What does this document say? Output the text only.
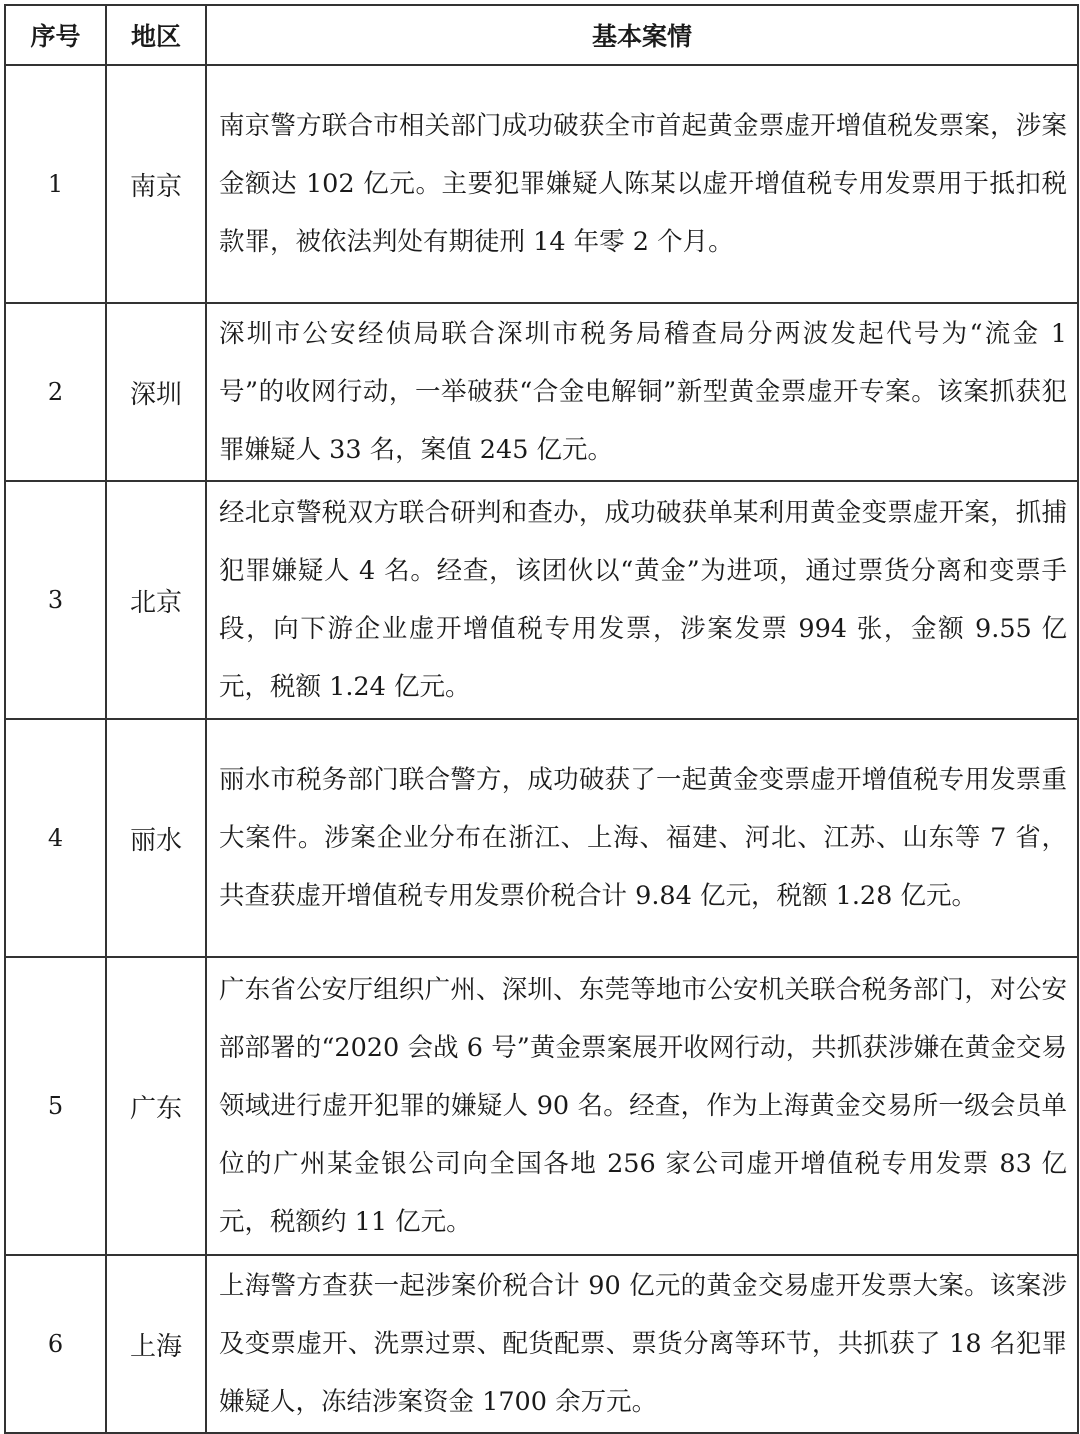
序号	地区	基本案情
1	南京	南京警方联合市相关部门成功破获全市首起黄金票虚开增值税发票案，涉案金额达 102 亿元。主要犯罪嫌疑人陈某以虚开增值税专用发票用于抵扣税款罪，被依法判处有期徒刑 14 年零 2 个月。
2	深圳	深圳市公安经侦局联合深圳市税务局稽查局分两波发起代号为“流金 1 号”的收网行动，一举破获“合金电解铜”新型黄金票虚开专案。该案抓获犯罪嫌疑人 33 名，案值 245 亿元。
3	北京	经北京警税双方联合研判和查办，成功破获单某利用黄金变票虚开案，抓捕犯罪嫌疑人 4 名。经查，该团伙以“黄金”为进项，通过票货分离和变票手段，向下游企业虚开增值税专用发票，涉案发票 994 张，金额 9.55 亿元，税额 1.24 亿元。
4	丽水	丽水市税务部门联合警方，成功破获了一起黄金变票虚开增值税专用发票重大案件。涉案企业分布在浙江、上海、福建、河北、江苏、山东等 7 省，共查获虚开增值税专用发票价税合计 9.84 亿元，税额 1.28 亿元。
5	广东	广东省公安厅组织广州、深圳、东莞等地市公安机关联合税务部门，对公安部部署的“2020 会战 6 号”黄金票案展开收网行动，共抓获涉嫌在黄金交易领域进行虚开犯罪的嫌疑人 90 名。经查，作为上海黄金交易所一级会员单位的广州某金银公司向全国各地 256 家公司虚开增值税专用发票 83 亿元，税额约 11 亿元。
6	上海	上海警方查获一起涉案价税合计 90 亿元的黄金交易虚开发票大案。该案涉及变票虚开、洗票过票、配货配票、票货分离等环节，共抓获了 18 名犯罪嫌疑人，冻结涉案资金 1700 余万元。
